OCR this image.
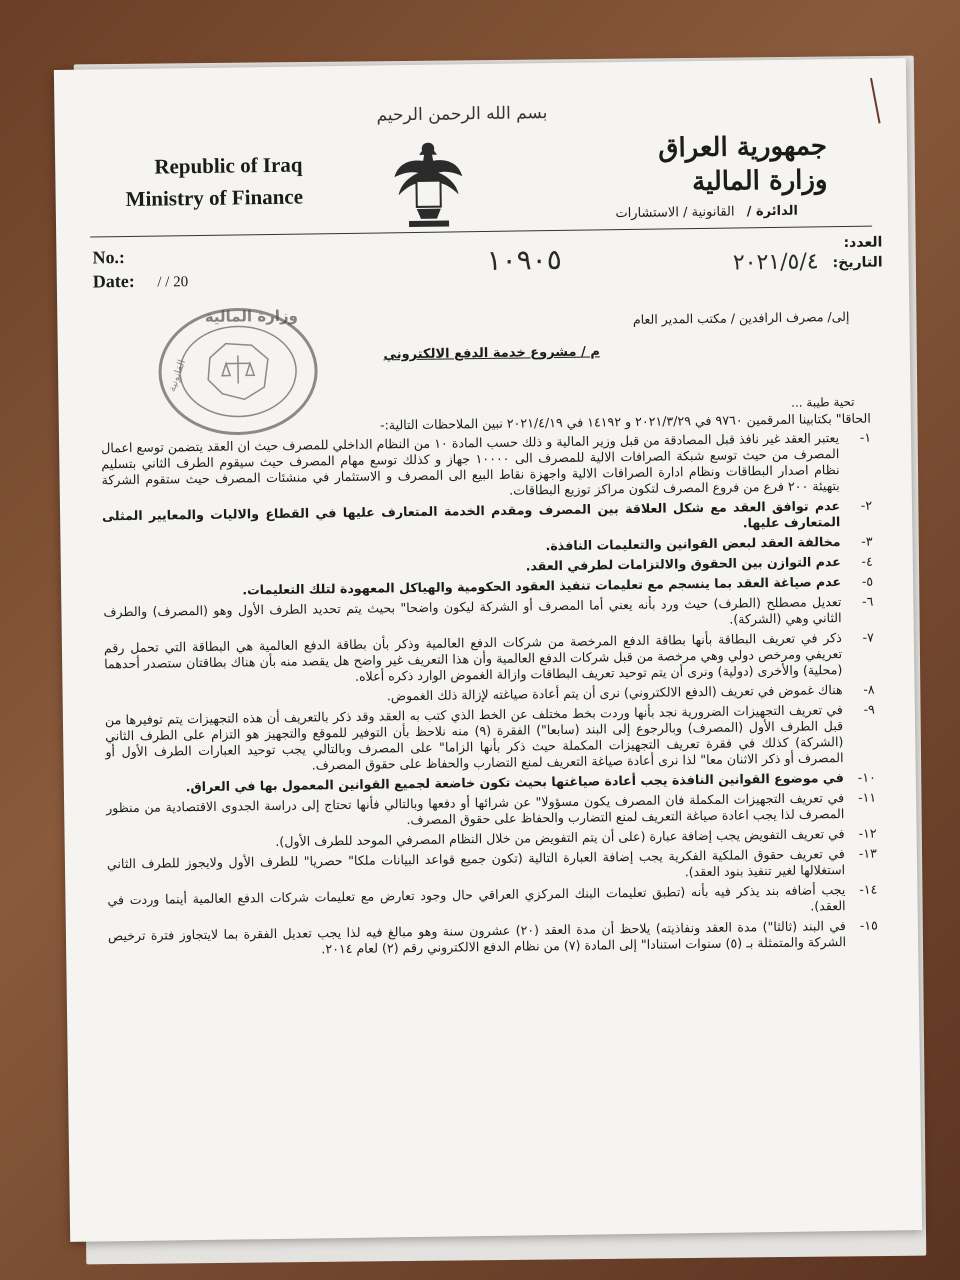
بسم الله الرحمن الرحيم
Republic of Iraq
Ministry of Finance
جمهورية العراق
وزارة المالية
الدائرة / القانونية / الاستشارات
No.:
Date: / / 20
العدد:
التاريخ:
١٠٩٠٥	٢٠٢١/٥/٤
وزارة المالية
القانونية
إلى/ مصرف الرافدين / مكتب المدير العام
م / مشروع خدمة الدفع الالكتروني
تحية طيبة ...

الحاقا" بكتابينا المرقمين ٩٧٦٠ في ٢٠٢١/٣/٢٩ و ١٤١٩٢ في ٢٠٢١/٤/١٩ نبين الملاحظات التالية:-

١-
يعتبر العقد غير نافذ قبل المصادقة من قبل وزير المالية و ذلك حسب المادة ١٠ من النظام الداخلي للمصرف حيث ان العقد يتضمن توسع اعمال المصرف من حيث توسع شبكة الصرافات الالية للمصرف الى ١٠٠٠٠ جهاز و كذلك توسع مهام المصرف حيث سيقوم الطرف الثاني بتسليم نظام اصدار البطاقات ونظام ادارة الصرافات الالية واجهزة نقاط البيع الى المصرف و الاستثمار في منشئات المصرف حيث ستقوم الشركة بتهيئة ٢٠٠ فرع من فروع المصرف لتكون مراكز توزيع البطاقات.
٢-
عدم توافق العقد مع شكل العلاقة بين المصرف ومقدم الخدمة المتعارف عليها في القطاع والاليات والمعايير المثلى المتعارف عليها.
٣-
مخالفة العقد لبعض القوانين والتعليمات النافذة.
٤-
عدم التوازن بين الحقوق والالتزامات لطرفي العقد.
٥-
عدم صياغة العقد بما ينسجم مع تعليمات تنفيذ العقود الحكومية والهياكل المعهودة لتلك التعليمات.
٦-
تعديل مصطلح (الطرف) حيث ورد بأنه يعني أما المصرف أو الشركة ليكون واضحا" بحيث يتم تحديد الطرف الأول وهو (المصرف) والطرف الثاني وهي (الشركة).
٧-
ذكر في تعريف البطاقة بأنها بطاقة الدفع المرخصة من شركات الدفع العالمية وذكر بأن بطاقة الدفع العالمية هي البطاقة التي تحمل رقم تعريفي ومرخص دولي وهي مرخصة من قبل شركات الدفع العالمية وأن هذا التعريف غير واضح هل يقصد منه بأن هناك بطاقتان ستصدر أحدهما (محلية) والأخرى (دولية) ونرى أن يتم توحيد تعريف البطاقات وازالة الغموض الوارد ذكره أعلاه.
٨-
هناك غموض في تعريف (الدفع الالكتروني) نرى أن يتم أعادة صياغته لإزالة ذلك الغموض.
٩-
في تعريف التجهيزات الضرورية نجد بأنها وردت بخط مختلف عن الخط الذي كتب به العقد وقد ذكر بالتعريف أن هذه التجهيزات يتم توفيرها من قبل الطرف الأول (المصرف) وبالرجوع إلى البند (سابعا") الفقرة (٩) منه نلاحظ بأن التوفير للموقع والتجهيز هو التزام على الطرف الثاني (الشركة) كذلك في فقرة تعريف التجهيزات المكملة حيث ذكر بأنها الزاما" على المصرف وبالتالي يجب توحيد العبارات الطرف الأول أو المصرف أو ذكر الاثنان معا" لذا نرى أعادة صياغة التعريف لمنع التضارب والحفاظ على حقوق المصرف.
١٠-
في موضوع القوانين النافذة يجب أعادة صياغتها بحيث تكون خاضعة لجميع القوانين المعمول بها في العراق.
١١-
في تعريف التجهيزات المكملة فان المصرف يكون مسؤولا" عن شرائها أو دفعها وبالتالي فأنها تحتاج إلى دراسة الجدوى الاقتصادية من منظور المصرف لذا يجب اعادة صياغة التعريف لمنع التضارب والحفاظ على حقوق المصرف.
١٢-
في تعريف التفويض يجب إضافة عبارة (على أن يتم التفويض من خلال النظام المصرفي الموحد للطرف الأول).
١٣-
في تعريف حقوق الملكية الفكرية يجب إضافة العبارة التالية (تكون جميع قواعد البيانات ملكا" حصريا" للطرف الأول ولايجوز للطرف الثاني استغلالها لغير تنفيذ بنود العقد).
١٤-
يجب أضافه بند يذكر فيه بأنه (تطبق تعليمات البنك المركزي العراقي حال وجود تعارض مع تعليمات شركات الدفع العالمية أينما وردت في العقد).
١٥-
في البند (ثالثا") مدة العقد ونفاذيته) يلاحظ أن مدة العقد (٢٠) عشرون سنة وهو مبالغ فيه لذا يجب تعديل الفقرة بما لايتجاوز فترة ترخيص الشركة والمتمثلة بـ (٥) سنوات استنادا" إلى المادة (٧) من نظام الدفع الالكتروني رقم (٢) لعام ٢٠١٤.
